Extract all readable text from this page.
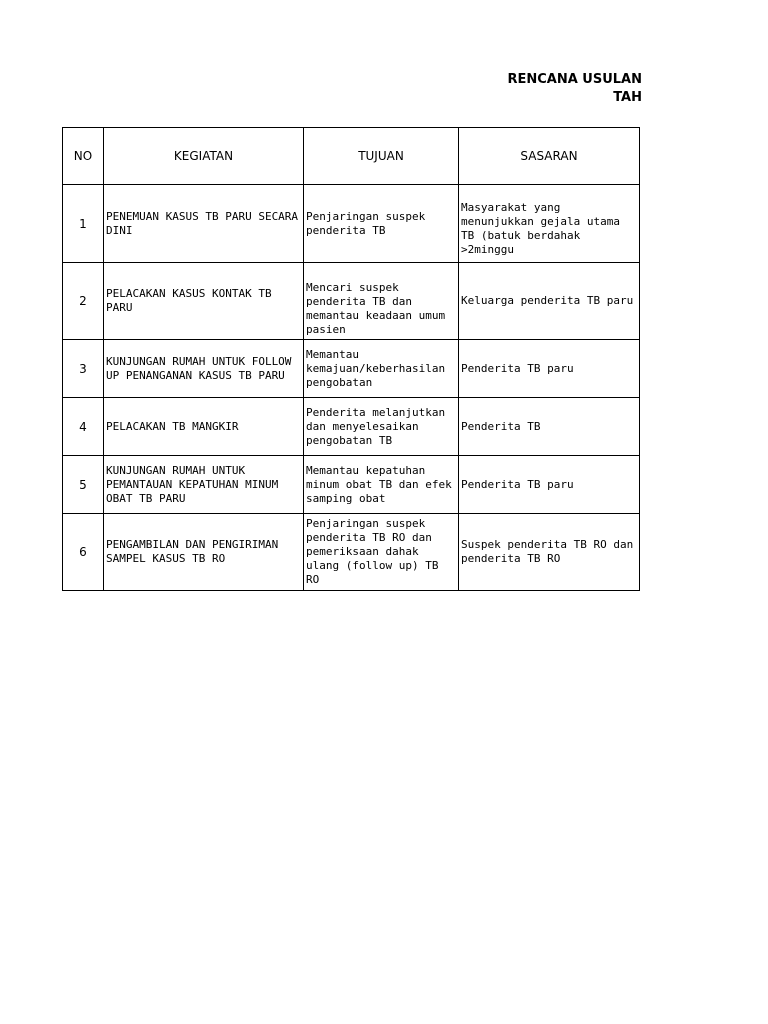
RENCANA USULAN
TAH
NO	KEGIATAN	TUJUAN	SASARAN
1	PENEMUAN KASUS TB PARU SECARA DINI	Penjaringan suspek penderita TB	Masyarakat yang menunjukkan gejala utama TB (batuk berdahak >2minggu
2	PELACAKAN KASUS KONTAK TB PARU	Mencari suspek penderita TB dan memantau keadaan umum pasien	Keluarga penderita TB paru
3	KUNJUNGAN RUMAH UNTUK FOLLOW UP PENANGANAN KASUS TB PARU	Memantau kemajuan/keberhasilan pengobatan	Penderita TB paru
4	PELACAKAN TB MANGKIR	Penderita melanjutkan dan menyelesaikan pengobatan TB	Penderita TB
5	KUNJUNGAN RUMAH UNTUK PEMANTAUAN KEPATUHAN MINUM OBAT TB PARU	Memantau kepatuhan minum obat TB dan efek samping obat	Penderita TB paru
6	PENGAMBILAN DAN PENGIRIMAN SAMPEL KASUS TB RO	Penjaringan suspek penderita TB RO dan pemeriksaan dahak ulang (follow up) TB RO	Suspek penderita TB RO dan penderita TB RO
